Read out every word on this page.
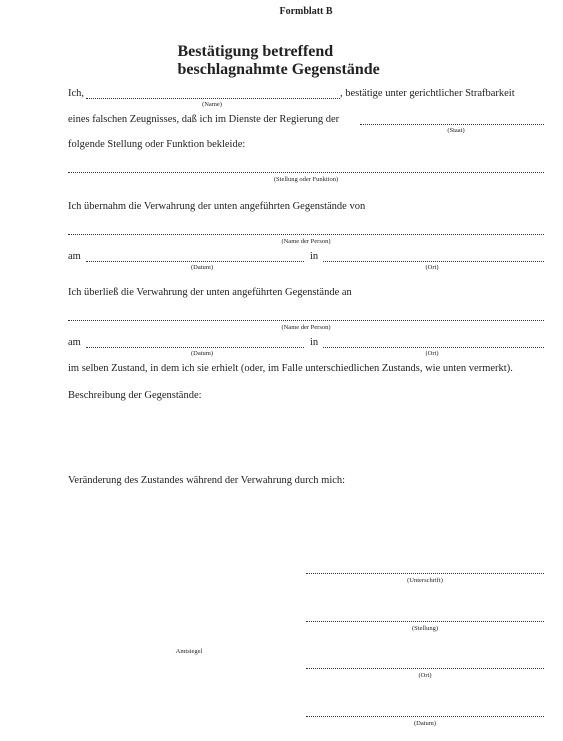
Formblatt B
Bestätigung betreffend beschlagnahmte Gegenstände
Ich,	, bestätige unter gerichtlicher Strafbarkeit
(Name)
eines falschen Zeugnisses, daß ich im Dienste der Regierung der
(Staat)
folgende Stellung oder Funktion bekleide:
(Stellung oder Funktion)
Ich übernahm die Verwahrung der unten angeführten Gegenstände von
(Name der Person)
am	in
(Datum)	(Ort)
Ich überließ die Verwahrung der unten angeführten Gegenstände an
(Name der Person)
am	in
(Datum)	(Ort)
im selben Zustand, in dem ich sie erhielt (oder, im Falle unterschiedlichen Zustands, wie unten vermerkt).
Beschreibung der Gegenstände:
Veränderung des Zustandes während der Verwahrung durch mich:
(Unterschrift)
(Stellung)
Amtsiegel
(Ort)
(Datum)
